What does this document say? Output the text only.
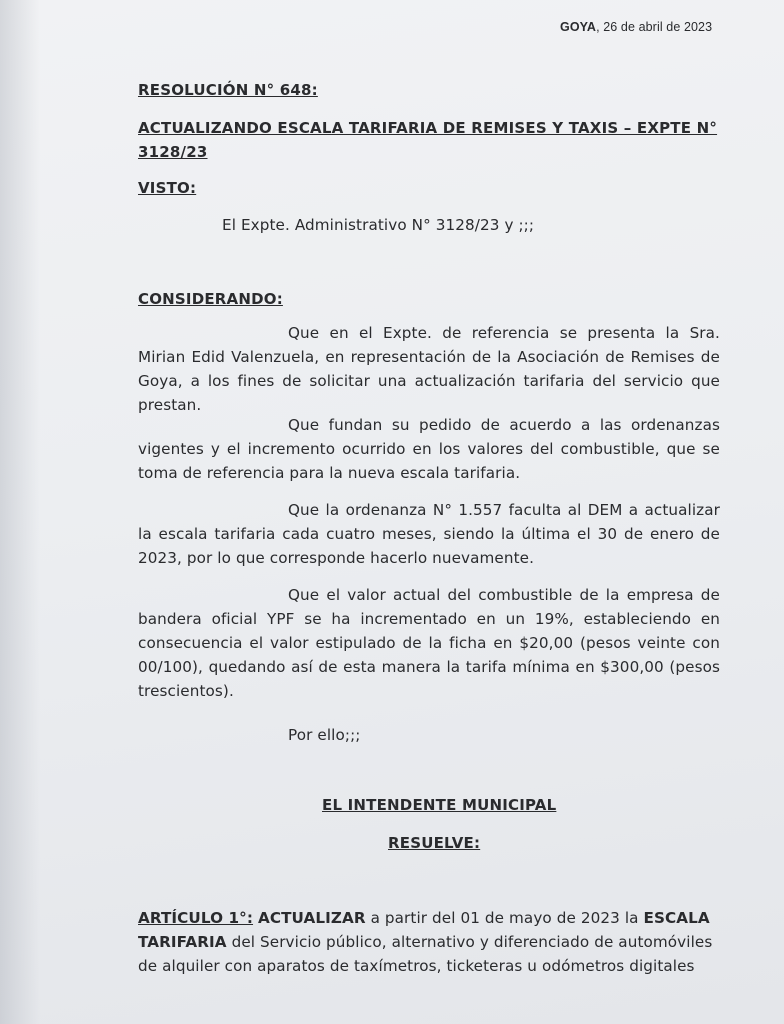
GOYA, 26 de abril de 2023
RESOLUCIÓN N° 648:
ACTUALIZANDO ESCALA TARIFARIA DE REMISES Y TAXIS – EXPTE N°
3128/23
VISTO:
El Expte. Administrativo N° 3128/23 y ;;;
CONSIDERANDO:
Que en el Expte. de referencia se presenta la Sra. Mirian Edid Valenzuela, en representación de la Asociación de Remises de Goya, a los fines de solicitar una actualización tarifaria del servicio que prestan.
Que fundan su pedido de acuerdo a las ordenanzas vigentes y el incremento ocurrido en los valores del combustible, que se toma de referencia para la nueva escala tarifaria.
Que la ordenanza N° 1.557 faculta al DEM a actualizar la escala tarifaria cada cuatro meses, siendo la última el 30 de enero de 2023, por lo que corresponde hacerlo nuevamente.
Que el valor actual del combustible de la empresa de bandera oficial YPF se ha incrementado en un 19%, estableciendo en consecuencia el valor estipulado de la ficha en $20,00 (pesos veinte con 00/100), quedando así de esta manera la tarifa mínima en $300,00 (pesos trescientos).
Por ello;;;
EL INTENDENTE MUNICIPAL
RESUELVE:
ARTÍCULO 1°: ACTUALIZAR a partir del 01 de mayo de 2023 la ESCALA
TARIFARIA del Servicio público, alternativo y diferenciado de automóviles
de alquiler con aparatos de taxímetros, ticketeras u odómetros digitales
